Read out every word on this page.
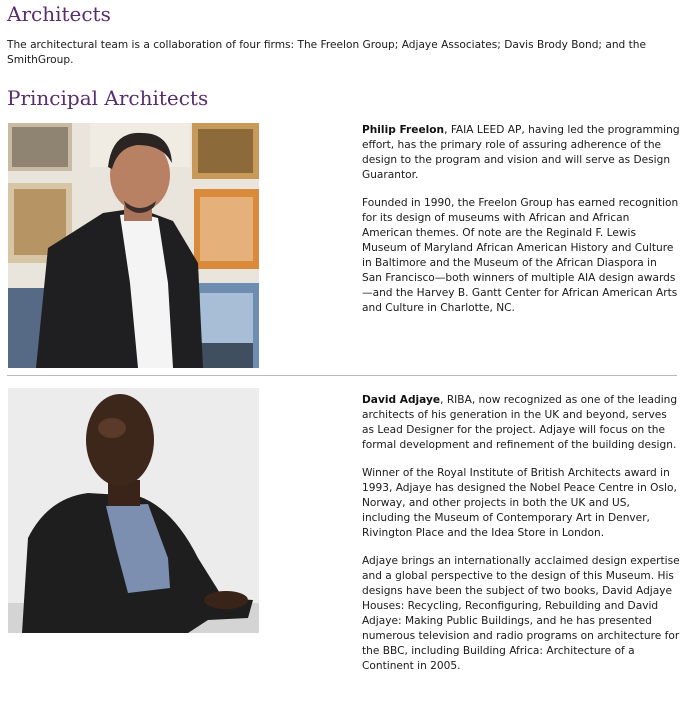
Architects

The architectural team is a collaboration of four firms: The Freelon Group; Adjaye Associates; Davis Brody Bond; and the SmithGroup.

Principal Architects

Philip Freelon, FAIA LEED AP, having led the programming effort, has the primary role of assuring adherence of the design to the program and vision and will serve as Design Guarantor.

Founded in 1990, the Freelon Group has earned recognition for its design of museums with African and African American themes. Of note are the Reginald F. Lewis Museum of Maryland African American History and Culture in Baltimore and the Museum of the African Diaspora in San Francisco—both winners of multiple AIA design awards—and the Harvey B. Gantt Center for African American Arts and Culture in Charlotte, NC.

David Adjaye, RIBA, now recognized as one of the leading architects of his generation in the UK and beyond, serves as Lead Designer for the project. Adjaye will focus on the formal development and refinement of the building design.

Winner of the Royal Institute of British Architects award in 1993, Adjaye has designed the Nobel Peace Centre in Oslo, Norway, and other projects in both the UK and US, including the Museum of Contemporary Art in Denver, Rivington Place and the Idea Store in London.

Adjaye brings an internationally acclaimed design expertise and a global perspective to the design of this Museum. His designs have been the subject of two books, David Adjaye Houses: Recycling, Reconfiguring, Rebuilding and David Adjaye: Making Public Buildings, and he has presented numerous television and radio programs on architecture for the BBC, including Building Africa: Architecture of a Continent in 2005.
